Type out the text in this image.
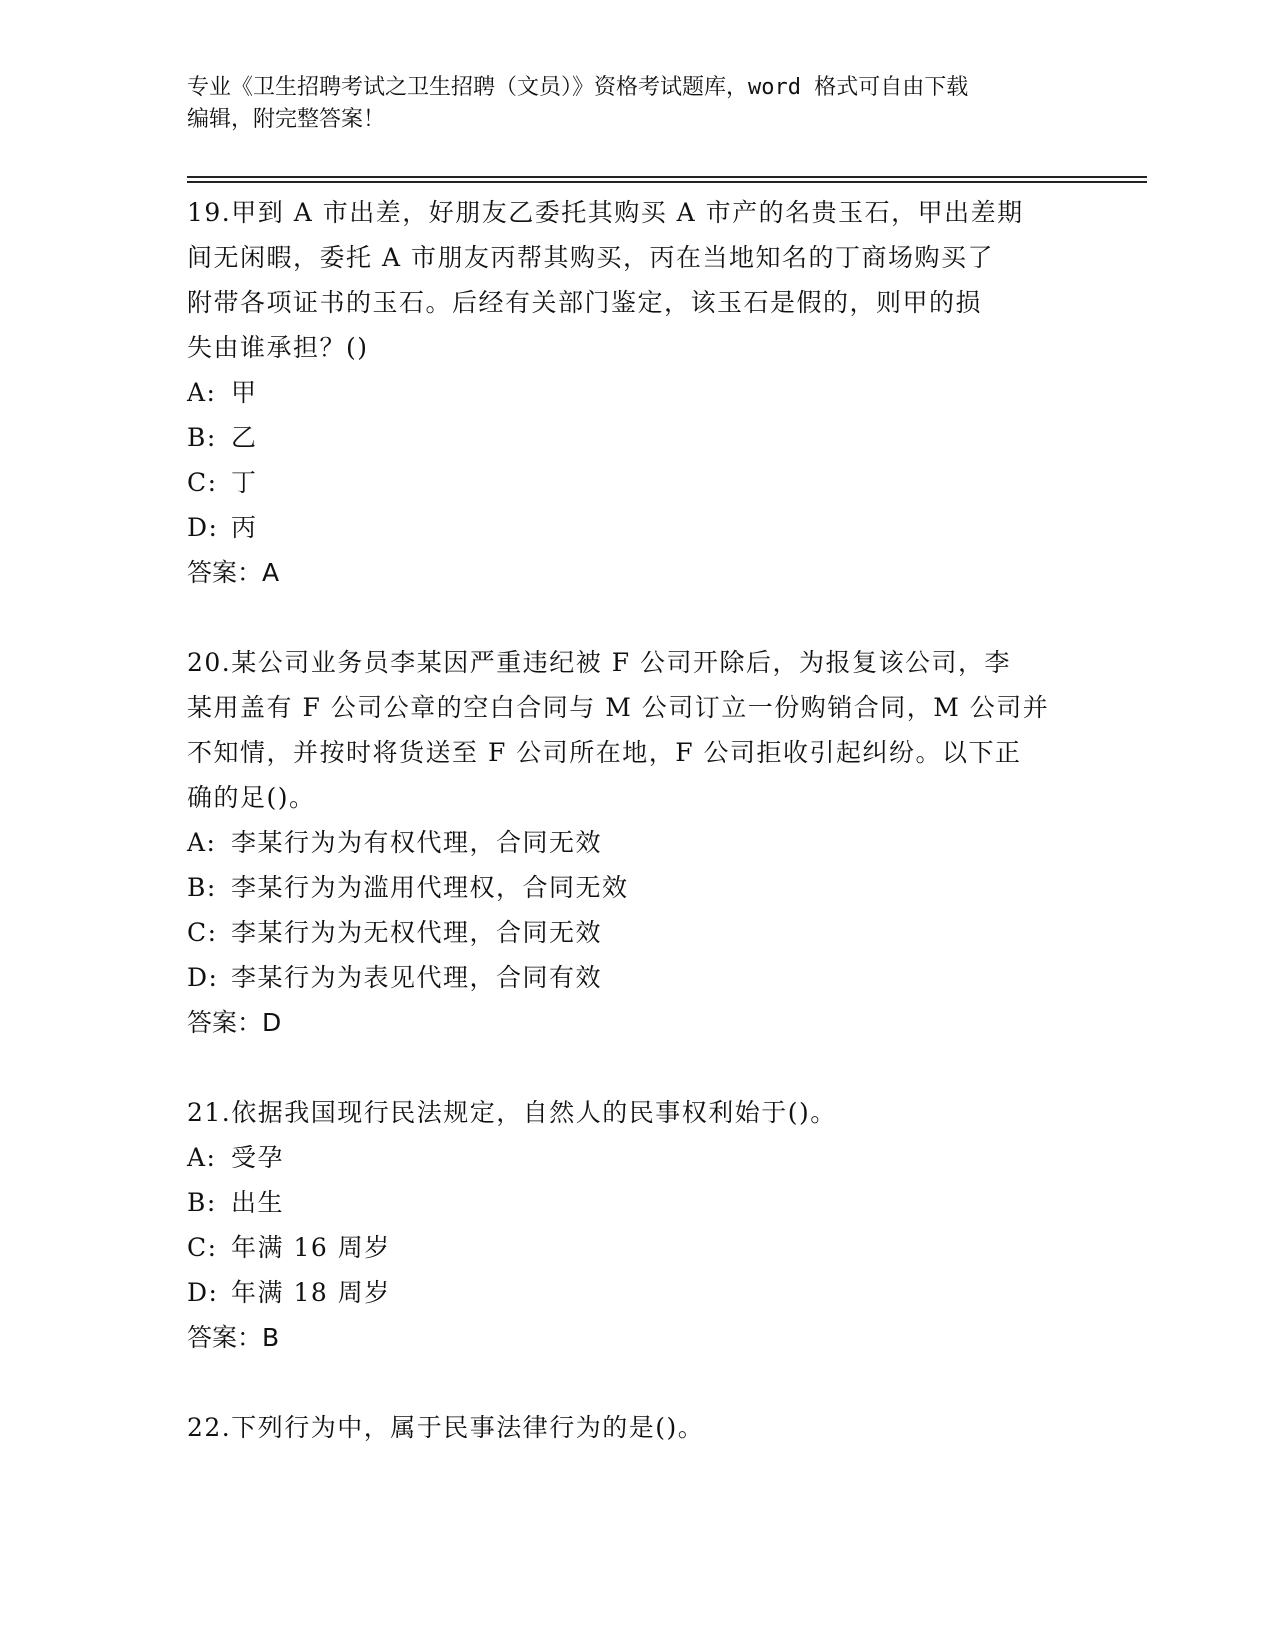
专业《卫生招聘考试之卫生招聘（文员）》资格考试题库，word 格式可自由下载
编辑，附完整答案！
19.甲到 A 市出差，好朋友乙委托其购买 A 市产的名贵玉石，甲出差期
间无闲暇，委托 A 市朋友丙帮其购买，丙在当地知名的丁商场购买了
附带各项证书的玉石。后经有关部门鉴定，该玉石是假的，则甲的损
失由谁承担？()
A: 甲
B: 乙
C: 丁
D: 丙
答案：A
20.某公司业务员李某因严重违纪被 F 公司开除后，为报复该公司，李
某用盖有 F 公司公章的空白合同与 M 公司订立一份购销合同，M 公司并
不知情，并按时将货送至 F 公司所在地，F 公司拒收引起纠纷。以下正
确的足()。
A: 李某行为为有权代理，合同无效
B: 李某行为为滥用代理权，合同无效
C: 李某行为为无权代理，合同无效
D: 李某行为为表见代理，合同有效
答案：D
21.依据我国现行民法规定，自然人的民事权利始于()。
A: 受孕
B: 出生
C: 年满 16 周岁
D: 年满 18 周岁
答案：B
22.下列行为中，属于民事法律行为的是()。
